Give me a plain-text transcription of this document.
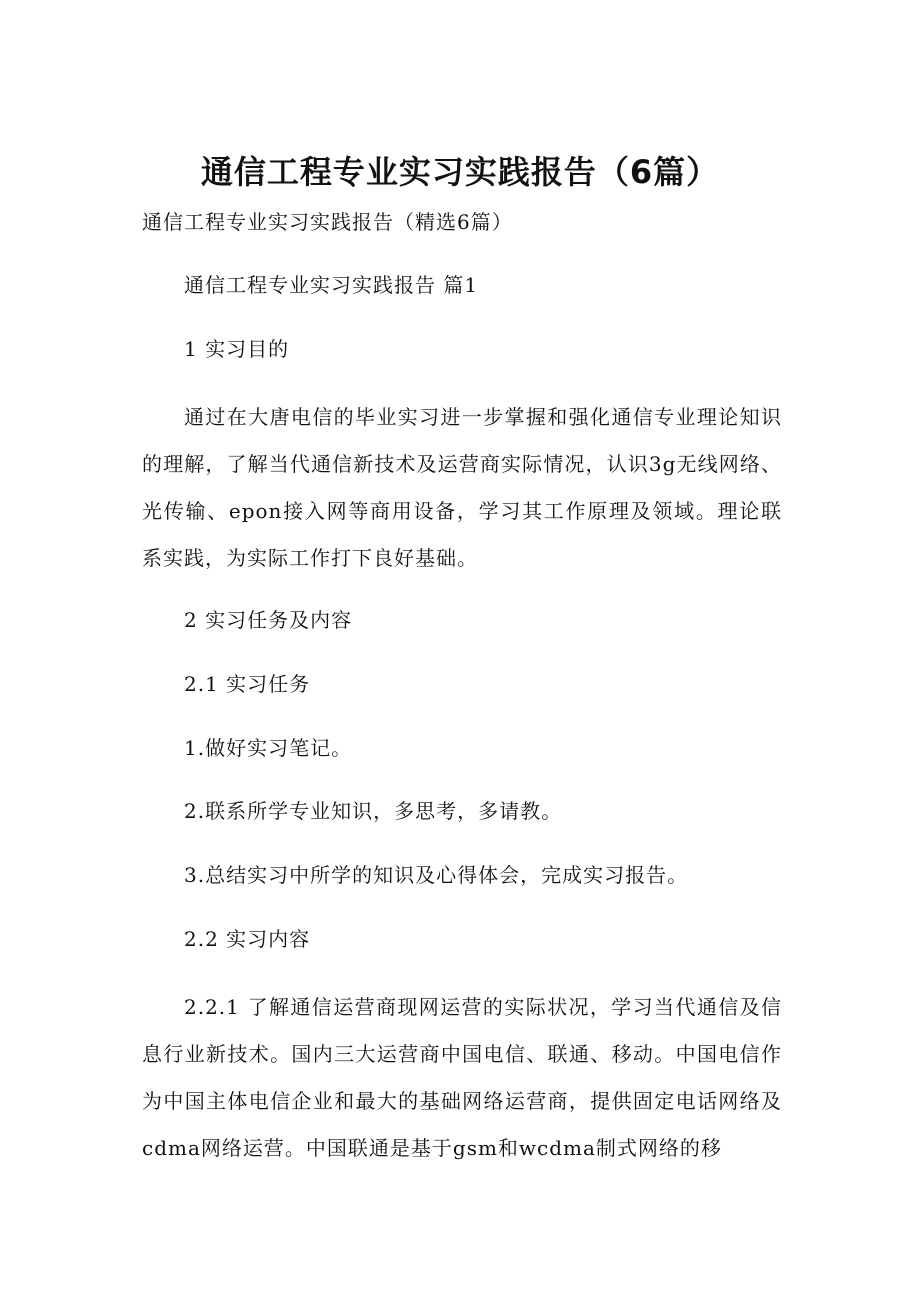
通信工程专业实习实践报告（6篇）
通信工程专业实习实践报告（精选6篇）
通信工程专业实习实践报告 篇1
1 实习目的
通过在大唐电信的毕业实习进一步掌握和强化通信专业理论知识的理解，了解当代通信新技术及运营商实际情况，认识3g无线网络、光传输、epon接入网等商用设备，学习其工作原理及领域。理论联系实践，为实际工作打下良好基础。
2 实习任务及内容
2.1 实习任务
1.做好实习笔记。
2.联系所学专业知识，多思考，多请教。
3.总结实习中所学的知识及心得体会，完成实习报告。
2.2 实习内容
2.2.1 了解通信运营商现网运营的实际状况，学习当代通信及信息行业新技术。国内三大运营商中国电信、联通、移动。中国电信作为中国主体电信企业和最大的基础网络运营商，提供固定电话网络及cdma网络运营。中国联通是基于gsm和wcdma制式网络的移
